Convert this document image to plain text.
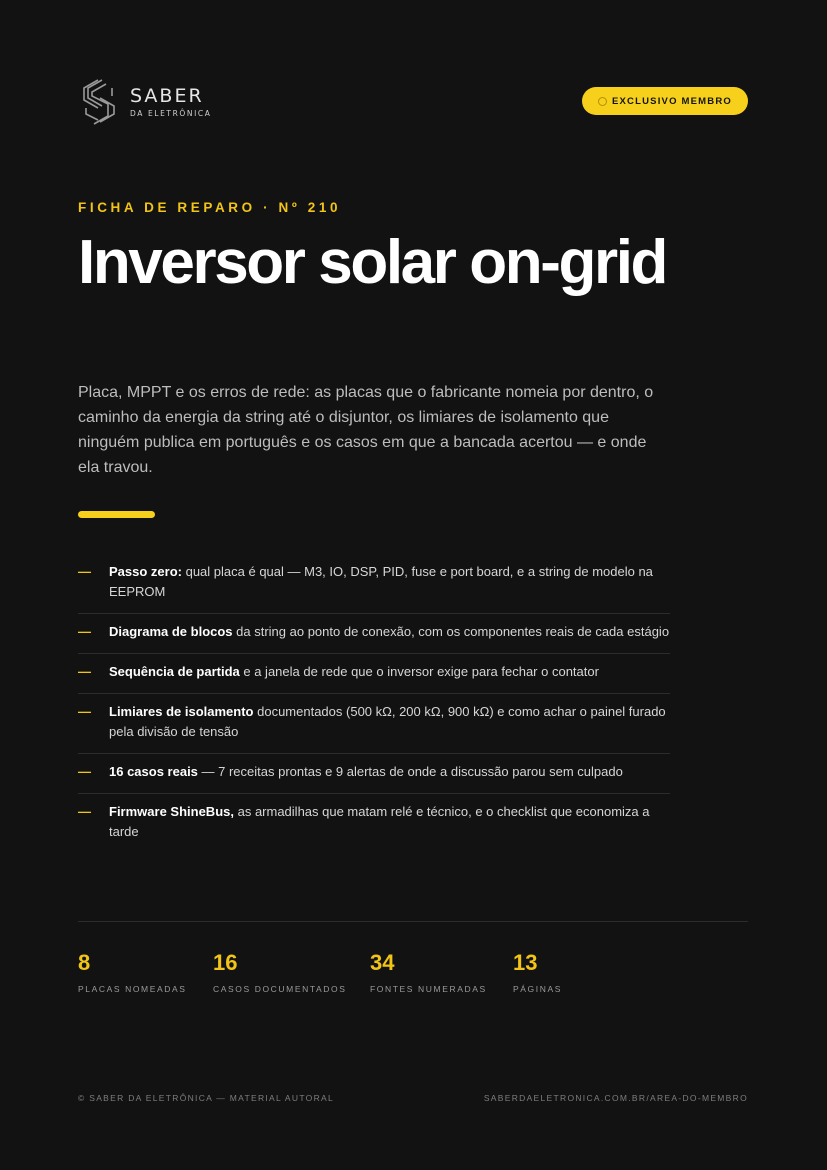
SABER
DA ELETRÔNICA
EXCLUSIVO MEMBRO
FICHA DE REPARO · Nº 210
Inversor solar on-grid

Placa, MPPT e os erros de rede: as placas que o fabricante nomeia por dentro, o caminho da energia da string até o disjuntor, os limiares de isolamento que ninguém publica em português e os casos em que a bancada acertou — e onde ela travou.

—	Passo zero: qual placa é qual — M3, IO, DSP, PID, fuse e port board, e a string de modelo na EEPROM
—	Diagrama de blocos da string ao ponto de conexão, com os componentes reais de cada estágio
—	Sequência de partida e a janela de rede que o inversor exige para fechar o contator
—	Limiares de isolamento documentados (500 kΩ, 200 kΩ, 900 kΩ) e como achar o painel furado pela divisão de tensão
—	16 casos reais — 7 receitas prontas e 9 alertas de onde a discussão parou sem culpado
—	Firmware ShineBus, as armadilhas que matam relé e técnico, e o checklist que economiza a tarde
8
PLACAS NOMEADAS
16
CASOS DOCUMENTADOS
34
FONTES NUMERADAS
13
PÁGINAS
© SABER DA ELETRÔNICA — MATERIAL AUTORAL	SABERDAELETRONICA.COM.BR/AREA-DO-MEMBRO
